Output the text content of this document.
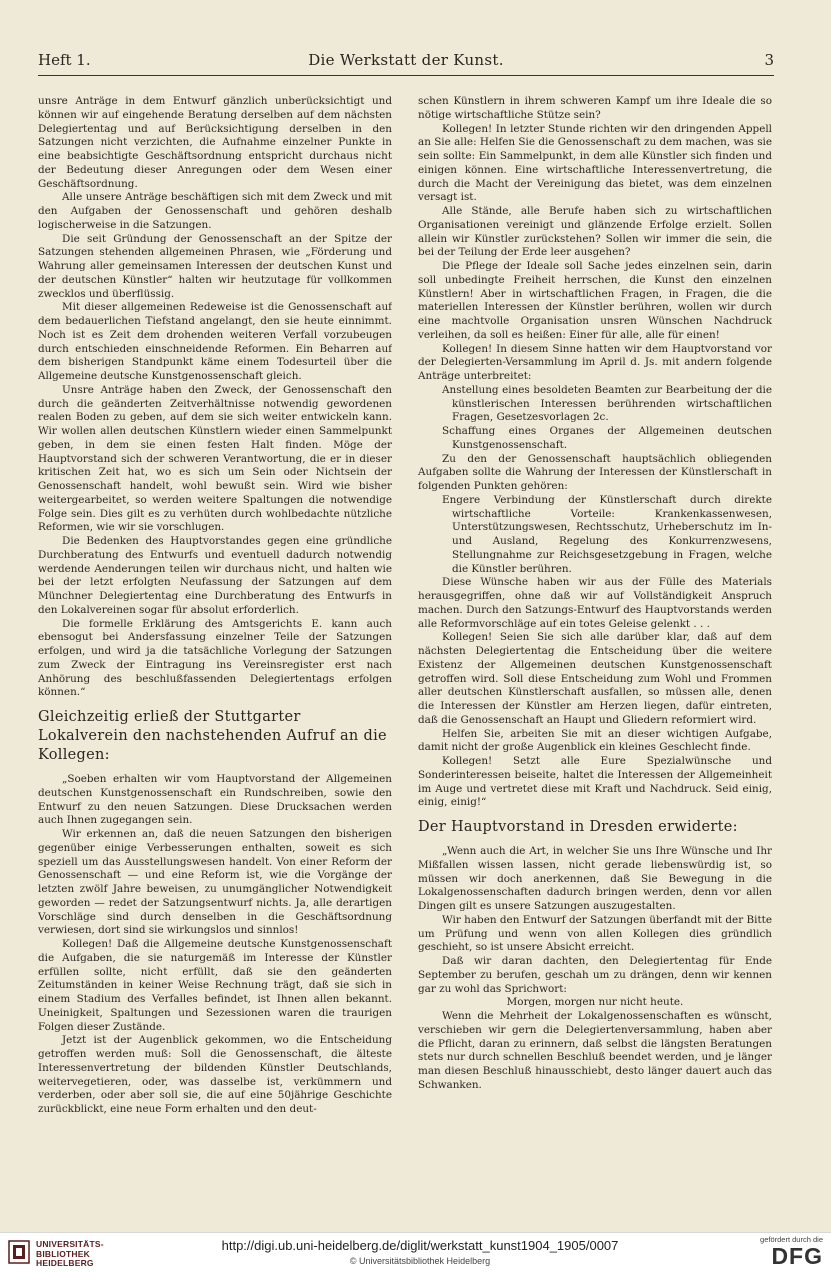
Heft 1.	Die Werkstatt der Kunst.	3

unsre Anträge in dem Entwurf gänzlich unberücksichtigt und können wir auf eingehende Beratung derselben auf dem nächsten Delegiertentag und auf Berücksichtigung derselben in den Satzungen nicht verzichten, die Aufnahme einzelner Punkte in eine beabsichtigte Geschäftsordnung entspricht durchaus nicht der Bedeutung dieser Anregungen oder dem Wesen einer Geschäftsordnung.

Alle unsere Anträge beschäftigen sich mit dem Zweck und mit den Aufgaben der Genossenschaft und gehören deshalb logischerweise in die Satzungen.

Die seit Gründung der Genossenschaft an der Spitze der Satzungen stehenden allgemeinen Phrasen, wie „Förderung und Wahrung aller gemeinsamen Interessen der deutschen Kunst und der deutschen Künstler“ halten wir heutzutage für vollkommen zwecklos und überflüssig.

Mit dieser allgemeinen Redeweise ist die Genossenschaft auf dem bedauerlichen Tiefstand angelangt, den sie heute einnimmt. Noch ist es Zeit dem drohenden weiteren Verfall vorzubeugen durch entschieden einschneidende Reformen. Ein Beharren auf dem bisherigen Standpunkt käme einem Todesurteil über die Allgemeine deutsche Kunstgenossenschaft gleich.

Unsre Anträge haben den Zweck, der Genossenschaft den durch die geänderten Zeitverhältnisse notwendig gewordenen realen Boden zu geben, auf dem sie sich weiter entwickeln kann. Wir wollen allen deutschen Künstlern wieder einen Sammelpunkt geben, in dem sie einen festen Halt finden. Möge der Hauptvorstand sich der schweren Verantwortung, die er in dieser kritischen Zeit hat, wo es sich um Sein oder Nichtsein der Genossenschaft handelt, wohl bewußt sein. Wird wie bisher weitergearbeitet, so werden weitere Spaltungen die notwendige Folge sein. Dies gilt es zu verhüten durch wohlbedachte nützliche Reformen, wie wir sie vorschlugen.

Die Bedenken des Hauptvorstandes gegen eine gründliche Durchberatung des Entwurfs und eventuell dadurch notwendig werdende Aenderungen teilen wir durchaus nicht, und halten wie bei der letzt erfolgten Neufassung der Satzungen auf dem Münchner Delegiertentag eine Durchberatung des Entwurfs in den Lokalvereinen sogar für absolut erforderlich.

Die formelle Erklärung des Amtsgerichts E. kann auch ebensogut bei Andersfassung einzelner Teile der Satzungen erfolgen, und wird ja die tatsächliche Vorlegung der Satzungen zum Zweck der Eintragung ins Vereinsregister erst nach Anhörung des beschlußfassenden Delegiertentags erfolgen können.“

Gleichzeitig erließ der Stuttgarter Lokalverein den nachstehenden Aufruf an die Kollegen:

„Soeben erhalten wir vom Hauptvorstand der Allgemeinen deutschen Kunstgenossenschaft ein Rundschreiben, sowie den Entwurf zu den neuen Satzungen. Diese Drucksachen werden auch Ihnen zugegangen sein.

Wir erkennen an, daß die neuen Satzungen den bisherigen gegenüber einige Verbesserungen enthalten, soweit es sich speziell um das Ausstellungswesen handelt. Von einer Reform der Genossenschaft — und eine Reform ist, wie die Vorgänge der letzten zwölf Jahre beweisen, zu unumgänglicher Notwendigkeit geworden — redet der Satzungsentwurf nichts. Ja, alle derartigen Vorschläge sind durch denselben in die Geschäftsordnung verwiesen, dort sind sie wirkungslos und sinnlos!

Kollegen! Daß die Allgemeine deutsche Kunstgenossenschaft die Aufgaben, die sie naturgemäß im Interesse der Künstler erfüllen sollte, nicht erfüllt, daß sie den geänderten Zeitumständen in keiner Weise Rechnung trägt, daß sie sich in einem Stadium des Verfalles befindet, ist Ihnen allen bekannt. Uneinigkeit, Spaltungen und Sezessionen waren die traurigen Folgen dieser Zustände.

Jetzt ist der Augenblick gekommen, wo die Entscheidung getroffen werden muß: Soll die Genossenschaft, die älteste Interessenvertretung der bildenden Künstler Deutschlands, weitervegetieren, oder, was dasselbe ist, verkümmern und verderben, oder aber soll sie, die auf eine 50jährige Geschichte zurückblickt, eine neue Form erhalten und den deut-

schen Künstlern in ihrem schweren Kampf um ihre Ideale die so nötige wirtschaftliche Stütze sein?

Kollegen! In letzter Stunde richten wir den dringenden Appell an Sie alle: Helfen Sie die Genossenschaft zu dem machen, was sie sein sollte: Ein Sammelpunkt, in dem alle Künstler sich finden und einigen können. Eine wirtschaftliche Interessenvertretung, die durch die Macht der Vereinigung das bietet, was dem einzelnen versagt ist.

Alle Stände, alle Berufe haben sich zu wirtschaftlichen Organisationen vereinigt und glänzende Erfolge erzielt. Sollen allein wir Künstler zurückstehen? Sollen wir immer die sein, die bei der Teilung der Erde leer ausgehen?

Die Pflege der Ideale soll Sache jedes einzelnen sein, darin soll unbedingte Freiheit herrschen, die Kunst den einzelnen Künstlern! Aber in wirtschaftlichen Fragen, in Fragen, die die materiellen Interessen der Künstler berühren, wollen wir durch eine machtvolle Organisation unsren Wünschen Nachdruck verleihen, da soll es heißen: Einer für alle, alle für einen!

Kollegen! In diesem Sinne hatten wir dem Hauptvorstand vor der Delegierten-Versammlung im April d. Js. mit andern folgende Anträge unterbreitet:

Anstellung eines besoldeten Beamten zur Bearbeitung der die künstlerischen Interessen berührenden wirtschaftlichen Fragen, Gesetzesvorlagen 2c.

Schaffung eines Organes der Allgemeinen deutschen Kunstgenossenschaft.

Zu den der Genossenschaft hauptsächlich obliegenden Aufgaben sollte die Wahrung der Interessen der Künstlerschaft in folgenden Punkten gehören:

Engere Verbindung der Künstlerschaft durch direkte wirtschaftliche Vorteile: Krankenkassenwesen, Unterstützungswesen, Rechtsschutz, Urheberschutz im In- und Ausland, Regelung des Konkurrenzwesens, Stellungnahme zur Reichsgesetzgebung in Fragen, welche die Künstler berühren.

Diese Wünsche haben wir aus der Fülle des Materials herausgegriffen, ohne daß wir auf Vollständigkeit Anspruch machen. Durch den Satzungs-Entwurf des Hauptvorstands werden alle Reformvorschläge auf ein totes Geleise gelenkt . . .

Kollegen! Seien Sie sich alle darüber klar, daß auf dem nächsten Delegiertentag die Entscheidung über die weitere Existenz der Allgemeinen deutschen Kunstgenossenschaft getroffen wird. Soll diese Entscheidung zum Wohl und Frommen aller deutschen Künstlerschaft ausfallen, so müssen alle, denen die Interessen der Künstler am Herzen liegen, dafür eintreten, daß die Genossenschaft an Haupt und Gliedern reformiert wird.

Helfen Sie, arbeiten Sie mit an dieser wichtigen Aufgabe, damit nicht der große Augenblick ein kleines Geschlecht finde.

Kollegen! Setzt alle Eure Spezialwünsche und Sonderinteressen beiseite, haltet die Interessen der Allgemeinheit im Auge und vertretet diese mit Kraft und Nachdruck. Seid einig, einig, einig!“

Der Hauptvorstand in Dresden erwiderte:

„Wenn auch die Art, in welcher Sie uns Ihre Wünsche und Ihr Mißfallen wissen lassen, nicht gerade liebenswürdig ist, so müssen wir doch anerkennen, daß Sie Bewegung in die Lokalgenossenschaften dadurch bringen werden, denn vor allen Dingen gilt es unsere Satzungen auszugestalten.

Wir haben den Entwurf der Satzungen überfandt mit der Bitte um Prüfung und wenn von allen Kollegen dies gründlich geschieht, so ist unsere Absicht erreicht.

Daß wir daran dachten, den Delegiertentag für Ende September zu berufen, geschah um zu drängen, denn wir kennen gar zu wohl das Sprichwort:

Morgen, morgen nur nicht heute.

Wenn die Mehrheit der Lokalgenossenschaften es wünscht, verschieben wir gern die Delegiertenversammlung, haben aber die Pflicht, daran zu erinnern, daß selbst die längsten Beratungen stets nur durch schnellen Beschluß beendet werden, und je länger man diesen Beschluß hinausschiebt, desto länger dauert auch das Schwanken.

UNIVERSITÄTS-
BIBLIOTHEK
HEIDELBERG
http://digi.ub.uni-heidelberg.de/diglit/werkstatt_kunst1904_1905/0007
© Universitätsbibliothek Heidelberg
gefördert durch die
DFG
